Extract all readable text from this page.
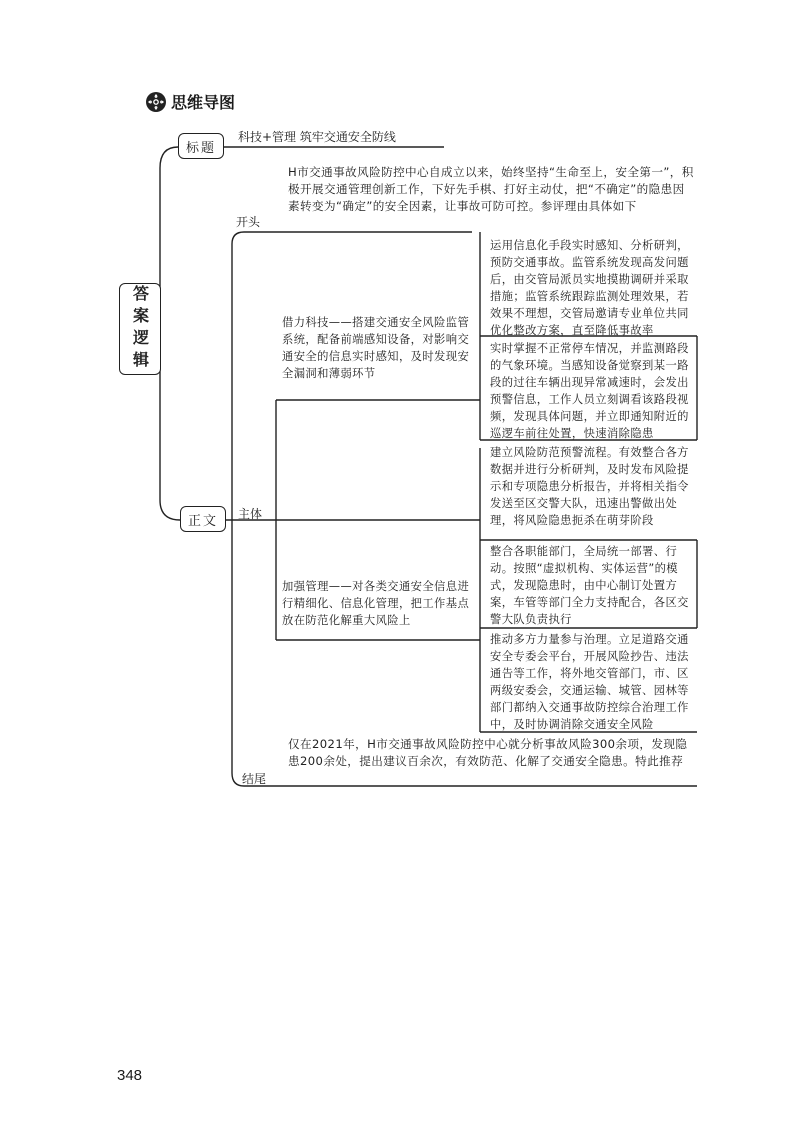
思维导图
答案逻辑
标题
科技+管理 筑牢交通安全防线
正文
开头
H市交通事故风险防控中心自成立以来，始终坚持“生命至上，安全第一”，积极开展交通管理创新工作，下好先手棋、打好主动仗，把“不确定”的隐患因素转变为“确定”的安全因素，让事故可防可控。参评理由具体如下
主体
借力科技——搭建交通安全风险监管系统，配备前端感知设备，对影响交通安全的信息实时感知，及时发现安全漏洞和薄弱环节
加强管理——对各类交通安全信息进行精细化、信息化管理，把工作基点放在防范化解重大风险上
运用信息化手段实时感知、分析研判，预防交通事故。监管系统发现高发问题后，由交管局派员实地摸勘调研并采取措施；监管系统跟踪监测处理效果，若效果不理想，交管局邀请专业单位共同优化整改方案，直至降低事故率
实时掌握不正常停车情况，并监测路段的气象环境。当感知设备觉察到某一路段的过往车辆出现异常减速时，会发出预警信息，工作人员立刻调看该路段视频，发现具体问题，并立即通知附近的巡逻车前往处置，快速消除隐患
建立风险防范预警流程。有效整合各方数据并进行分析研判，及时发布风险提示和专项隐患分析报告，并将相关指令发送至区交警大队，迅速出警做出处理，将风险隐患扼杀在萌芽阶段
整合各职能部门，全局统一部署、行动。按照“虚拟机构、实体运营”的模式，发现隐患时，由中心制订处置方案，车管等部门全力支持配合，各区交警大队负责执行
推动多方力量参与治理。立足道路交通安全专委会平台，开展风险抄告、违法通告等工作，将外地交管部门，市、区两级安委会，交通运输、城管、园林等部门都纳入交通事故防控综合治理工作中，及时协调消除交通安全风险
结尾
仅在2021年，H市交通事故风险防控中心就分析事故风险300余项，发现隐患200余处，提出建议百余次，有效防范、化解了交通安全隐患。特此推荐
348
